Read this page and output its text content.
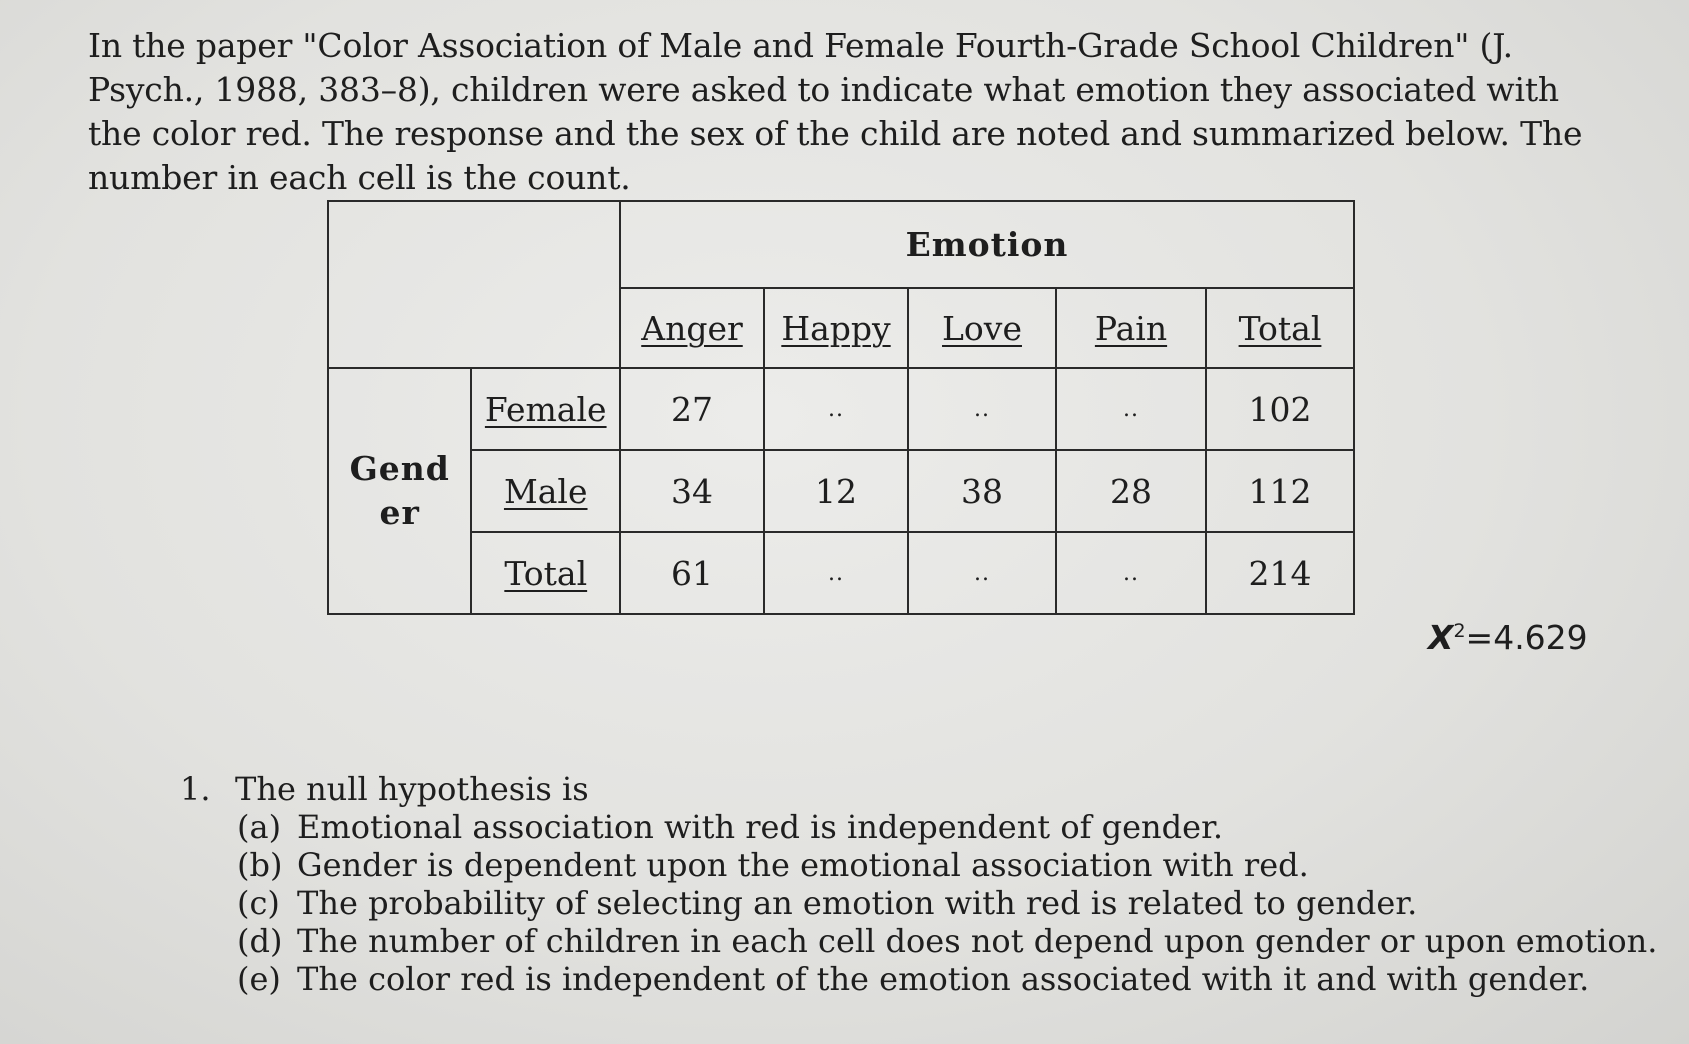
In the paper "Color Association of Male and Female Fourth-Grade School Children" (J. Psych., 1988, 383–8), children were asked to indicate what emotion they associated with the color red. The response and the sex of the child are noted and summarized below. The number in each cell is the count.

		Emotion				
		Anger	Happy	Love	Pain	Total
Gender	Female	27	..	..	..	102
	Male	34	12	38	28	112
	Total	61	..	..	..	214
$X^2=4.629$
1. The null hypothesis is
(a) Emotional association with red is independent of gender.
(b) Gender is dependent upon the emotional association with red.
(c) The probability of selecting an emotion with red is related to gender.
(d) The number of children in each cell does not depend upon gender or upon emotion.
(e) The color red is independent of the emotion associated with it and with gender.
